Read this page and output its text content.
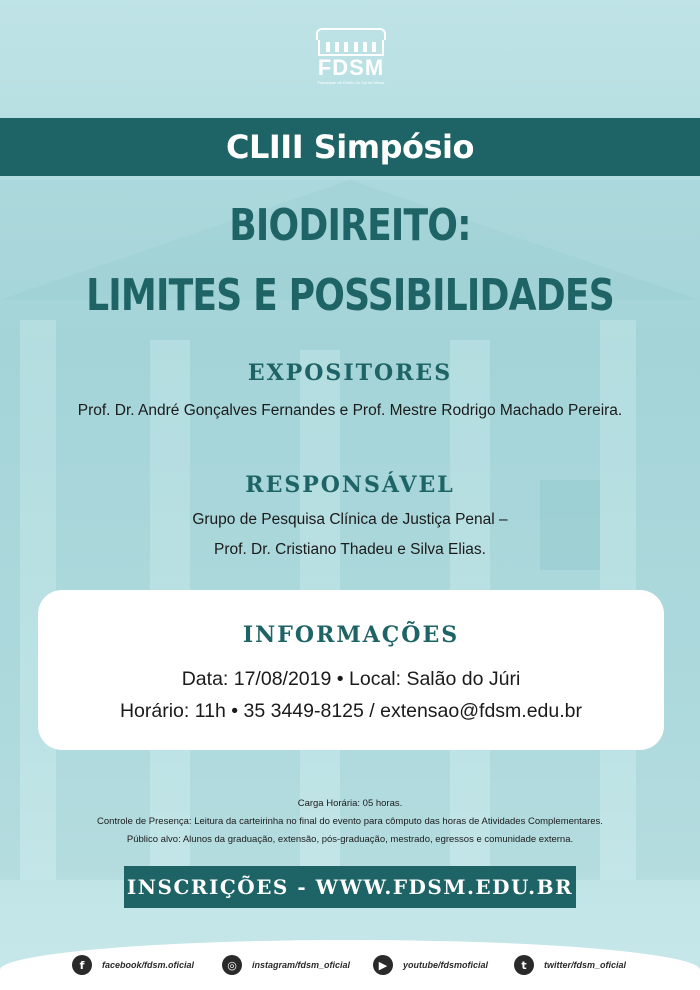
FDSM
Faculdade de Direito do Sul de Minas
CLIII Simpósio
BIODIREITO:
LIMITES E POSSIBILIDADES
EXPOSITORES
Prof. Dr. André Gonçalves Fernandes e Prof. Mestre Rodrigo Machado Pereira.
RESPONSÁVEL
Grupo de Pesquisa Clínica de Justiça Penal –
Prof. Dr. Cristiano Thadeu e Silva Elias.
INFORMAÇÕES
Data: 17/08/2019 • Local: Salão do Júri
Horário: 11h • 35 3449-8125 / extensao@fdsm.edu.br
Carga Horária: 05 horas.
Controle de Presença: Leitura da carteirinha no final do evento para cômputo das horas de Atividades Complementares.
Público alvo: Alunos da graduação, extensão, pós-graduação, mestrado, egressos e comunidade externa.
INSCRIÇÕES - WWW.FDSM.EDU.BR
f	facebook/fdsm.oficial	◎	instagram/fdsm_oficial	▶	youtube/fdsmoficial	t	twitter/fdsm_oficial
